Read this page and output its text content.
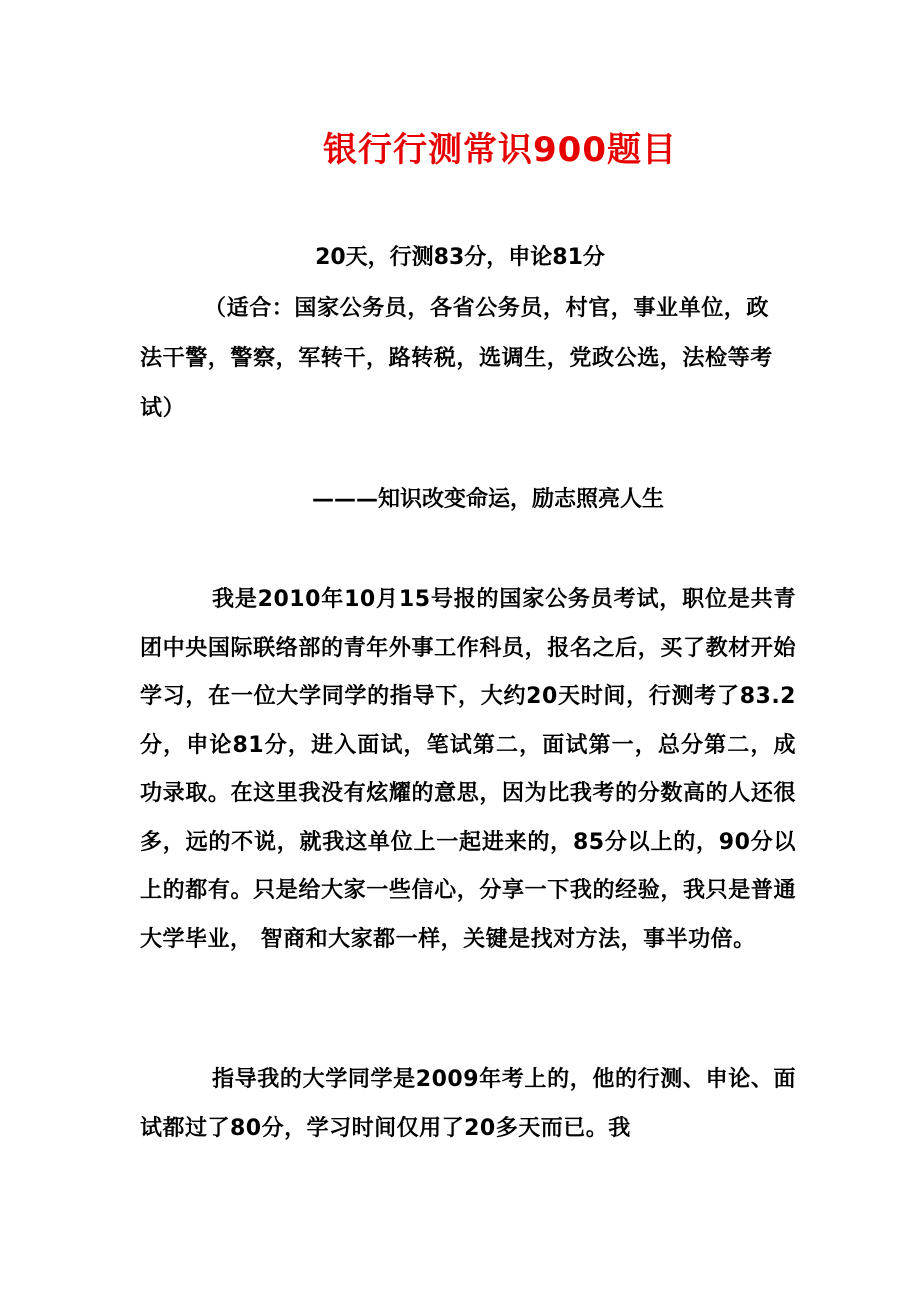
银行行测常识900题目
20天，行测83分，申论81分

（适合：国家公务员，各省公务员，村官，事业单位，政法干警，警察，军转干，路转税，选调生，党政公选，法检等考试）

———知识改变命运，励志照亮人生

我是2010年10月15号报的国家公务员考试，职位是共青团中央国际联络部的青年外事工作科员，报名之后，买了教材开始学习，在一位大学同学的指导下，大约20天时间，行测考了83.2分，申论81分，进入面试，笔试第二，面试第一，总分第二，成功录取。在这里我没有炫耀的意思，因为比我考的分数高的人还很多，远的不说，就我这单位上一起进来的，85分以上的，90分以上的都有。只是给大家一些信心，分享一下我的经验，我只是普通大学毕业， 智商和大家都一样，关键是找对方法，事半功倍。

指导我的大学同学是2009年考上的，他的行测、申论、面试都过了80分，学习时间仅用了20多天而已。我
